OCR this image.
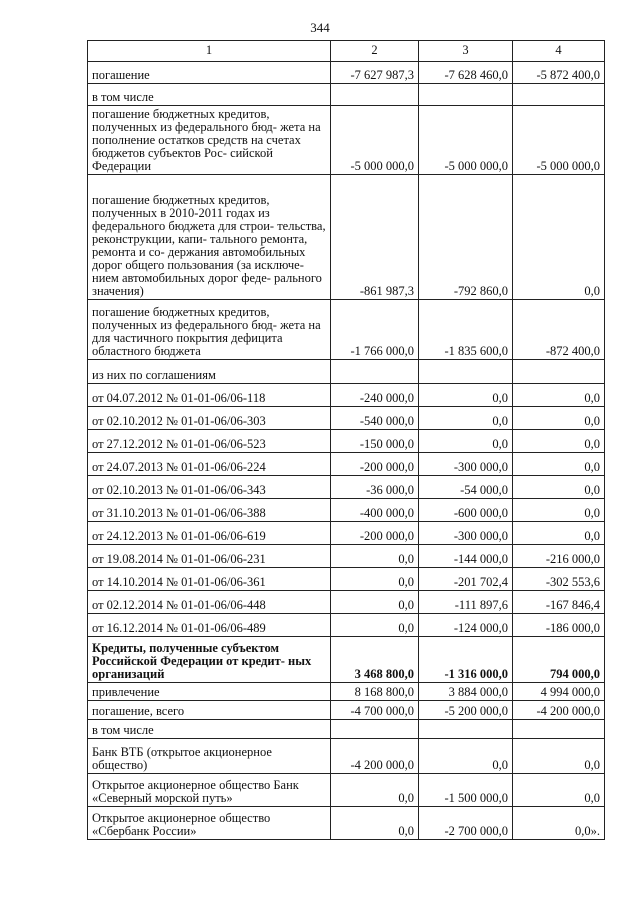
344
1	2	3	4
погашение	-7 627 987,3	-7 628 460,0	-5 872 400,0
в том числе			
погашение бюджетных кредитов, полученных из федерального бюд- жета на пополнение остатков средств на счетах бюджетов субъектов Рос- сийской Федерации	-5 000 000,0	-5 000 000,0	-5 000 000,0
погашение бюджетных кредитов, полученных в 2010-2011 годах из федерального бюджета для строи- тельства, реконструкции, капи- тального ремонта, ремонта и со- держания автомобильных дорог общего пользования (за исключе- нием автомобильных дорог феде- рального значения)	-861 987,3	-792 860,0	0,0
погашение бюджетных кредитов, полученных из федерального бюд- жета на для частичного покрытия дефицита областного бюджета	-1 766 000,0	-1 835 600,0	-872 400,0
из них по соглашениям			
от 04.07.2012 № 01-01-06/06-118	-240 000,0	0,0	0,0
от 02.10.2012 № 01-01-06/06-303	-540 000,0	0,0	0,0
от 27.12.2012 № 01-01-06/06-523	-150 000,0	0,0	0,0
от 24.07.2013 № 01-01-06/06-224	-200 000,0	-300 000,0	0,0
от 02.10.2013 № 01-01-06/06-343	-36 000,0	-54 000,0	0,0
от 31.10.2013 № 01-01-06/06-388	-400 000,0	-600 000,0	0,0
от 24.12.2013 № 01-01-06/06-619	-200 000,0	-300 000,0	0,0
от 19.08.2014 № 01-01-06/06-231	0,0	-144 000,0	-216 000,0
от 14.10.2014 № 01-01-06/06-361	0,0	-201 702,4	-302 553,6
от 02.12.2014 № 01-01-06/06-448	0,0	-111 897,6	-167 846,4
от 16.12.2014 № 01-01-06/06-489	0,0	-124 000,0	-186 000,0
Кредиты, полученные субъектом Российской Федерации от кредит- ных организаций	3 468 800,0	-1 316 000,0	794 000,0
привлечение	8 168 800,0	3 884 000,0	4 994 000,0
погашение, всего	-4 700 000,0	-5 200 000,0	-4 200 000,0
в том числе			
Банк ВТБ (открытое акционерное общество)	-4 200 000,0	0,0	0,0
Открытое акционерное общество Банк «Северный морской путь»	0,0	-1 500 000,0	0,0
Открытое акционерное общество «Сбербанк России»	0,0	-2 700 000,0	0,0».
